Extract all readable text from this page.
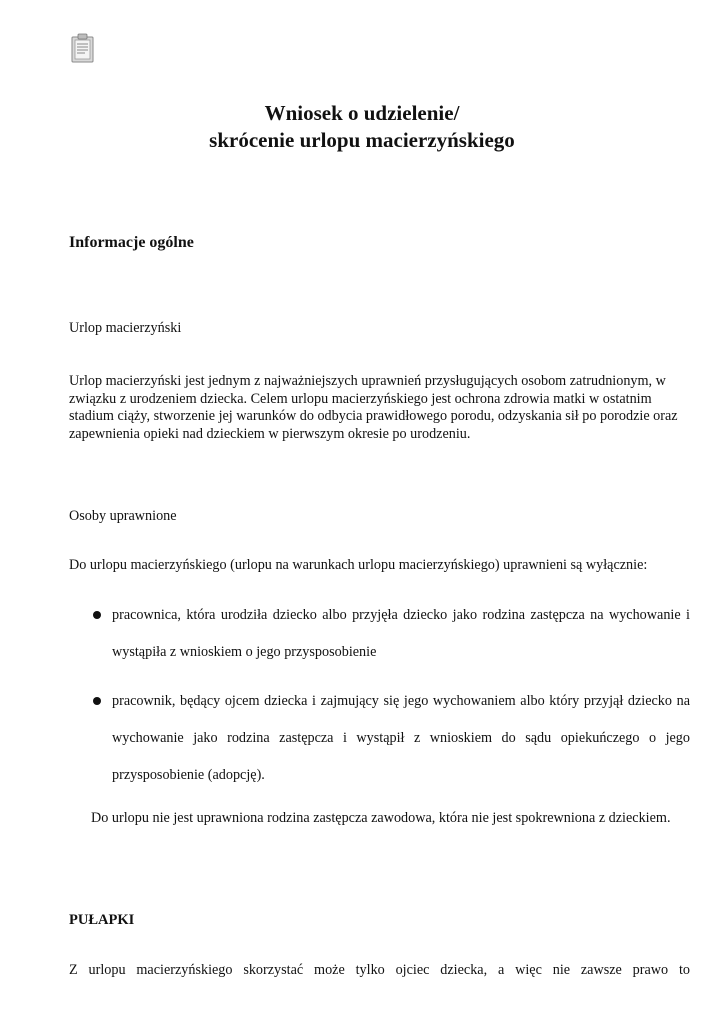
Wniosek o udzielenie/
skrócenie urlopu macierzyńskiego
Informacje ogólne
Urlop macierzyński
Urlop macierzyński jest jednym z najważniejszych uprawnień przysługujących osobom zatrudnionym, w związku z urodzeniem dziecka. Celem urlopu macierzyńskiego jest ochrona zdrowia matki w ostatnim stadium ciąży, stworzenie jej warunków do odbycia prawidłowego porodu, odzyskania sił po porodzie oraz zapewnienia opieki nad dzieckiem w pierwszym okresie po urodzeniu.
Osoby uprawnione
Do urlopu macierzyńskiego (urlopu na warunkach urlopu macierzyńskiego) uprawnieni są wyłącznie:
pracownica, która urodziła dziecko albo przyjęła dziecko jako rodzina zastępcza na wychowanie i wystąpiła z wnioskiem o jego przysposobienie
pracownik, będący ojcem dziecka i zajmujący się jego wychowaniem albo który przyjął dziecko na wychowanie jako rodzina zastępcza i wystąpił z wnioskiem do sądu opiekuńczego o jego przysposobienie (adopcję).
Do urlopu nie jest uprawniona rodzina zastępcza zawodowa, która nie jest spokrewniona z dzieckiem.
PUŁAPKI
Z urlopu macierzyńskiego skorzystać może tylko ojciec dziecka, a więc nie zawsze prawo to
